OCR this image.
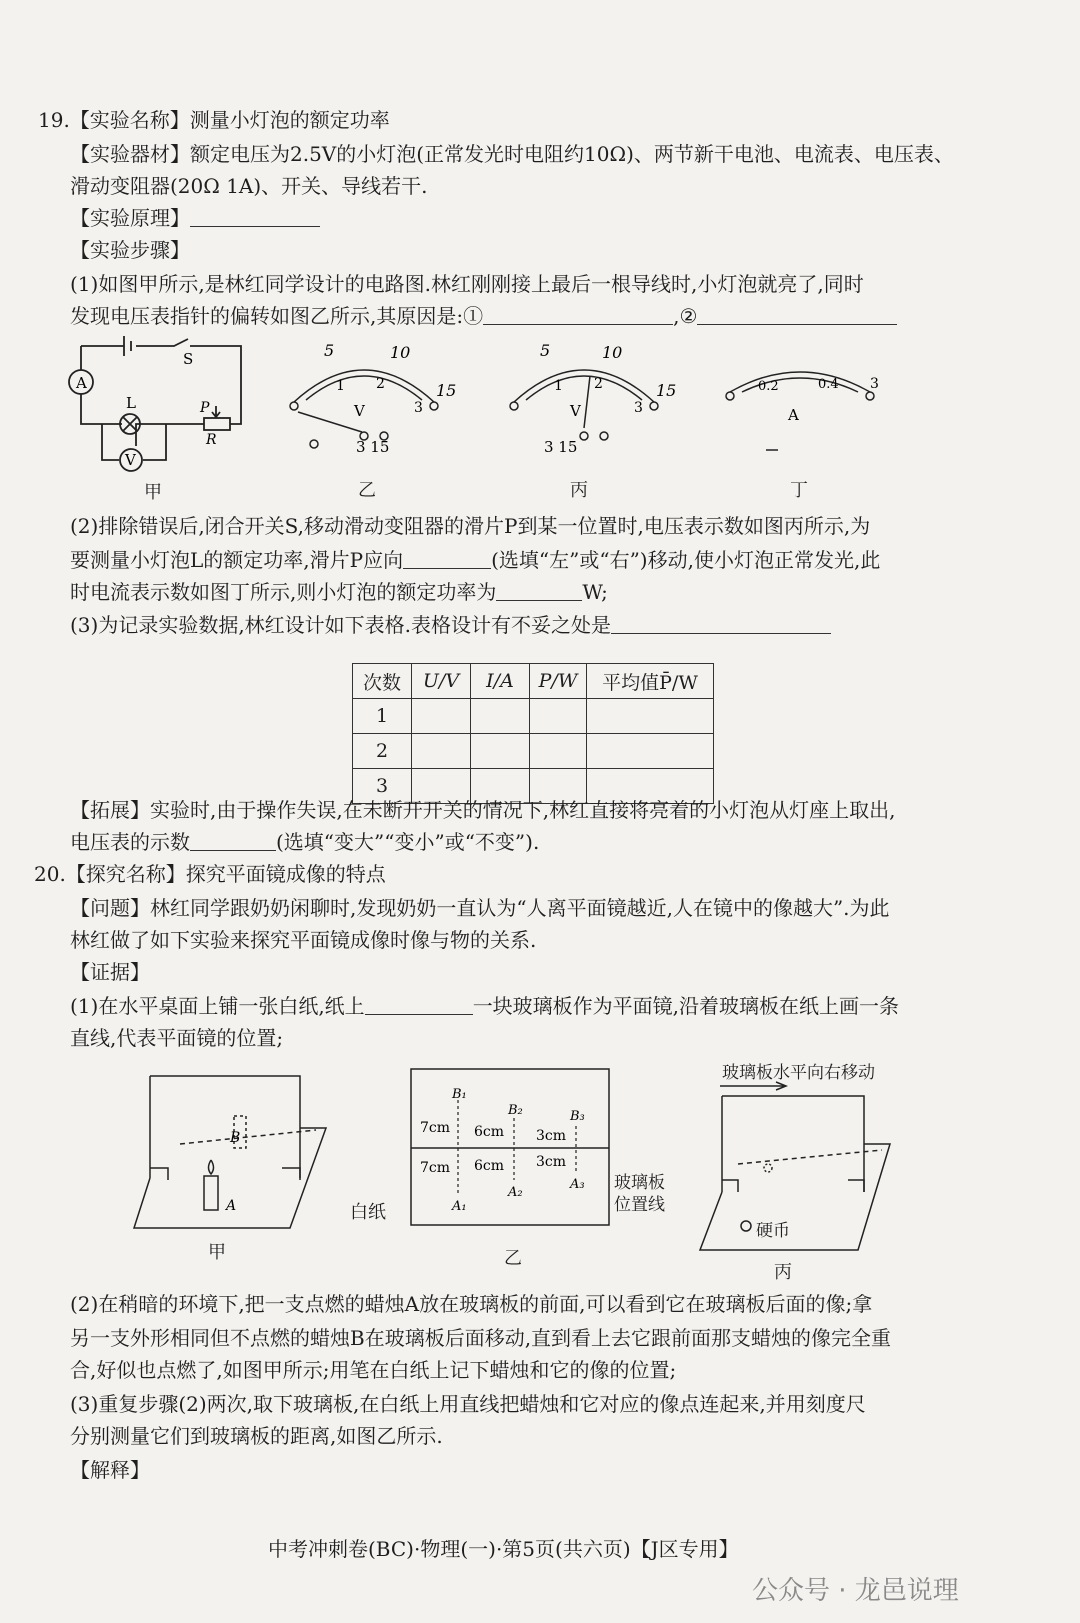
19.【实验名称】测量小灯泡的额定功率
【实验器材】额定电压为2.5V的小灯泡(正常发光时电阻约10Ω)、两节新干电池、电流表、电压表、
滑动变阻器(20Ω 1A)、开关、导线若干.
【实验原理】
【实验步骤】
(1)如图甲所示,是林红同学设计的电路图.林红刚刚接上最后一根导线时,小灯泡就亮了,同时
发现电压表指针的偏转如图乙所示,其原因是:①	,②
A
V
L
S
P
R
甲
5	10
15
1 2
3
V
3 15
乙
5	10
15
1 2
3
V
3 15
丙
0.2	0.4 3
A
丁
(2)排除错误后,闭合开关S,移动滑动变阻器的滑片P到某一位置时,电压表示数如图丙所示,为
要测量小灯泡L的额定功率,滑片P应向	(选填“左”或“右”)移动,使小灯泡正常发光,此
时电流表示数如图丁所示,则小灯泡的额定功率为	W;
(3)为记录实验数据,林红设计如下表格.表格设计有不妥之处是
次数	U/V	I/A	P/W	平均值P̄/W
1				
2				
3				
【拓展】实验时,由于操作失误,在未断开开关的情况下,林红直接将亮着的小灯泡从灯座上取出,
电压表的示数	(选填“变大”“变小”或“不变”).
20.【探究名称】探究平面镜成像的特点
【问题】林红同学跟奶奶闲聊时,发现奶奶一直认为“人离平面镜越近,人在镜中的像越大”.为此
林红做了如下实验来探究平面镜成像时像与物的关系.
【证据】
(1)在水平桌面上铺一张白纸,纸上	一块玻璃板作为平面镜,沿着玻璃板在纸上画一条
直线,代表平面镜的位置;
B
A
甲
7cm
7cm
6cm
6cm
3cm
3cm
B₁
B₂	B₃
A₁
A₂
A₃
白纸
玻璃板位置线
乙
玻璃板水平向右移动
硬币
丙
(2)在稍暗的环境下,把一支点燃的蜡烛A放在玻璃板的前面,可以看到它在玻璃板后面的像;拿
另一支外形相同但不点燃的蜡烛B在玻璃板后面移动,直到看上去它跟前面那支蜡烛的像完全重
合,好似也点燃了,如图甲所示;用笔在白纸上记下蜡烛和它的像的位置;
(3)重复步骤(2)两次,取下玻璃板,在白纸上用直线把蜡烛和它对应的像点连起来,并用刻度尺
分别测量它们到玻璃板的距离,如图乙所示.
【解释】
中考冲刺卷(BC)·物理(一)·第5页(共六页)【J区专用】
公众号 · 龙邑说理
